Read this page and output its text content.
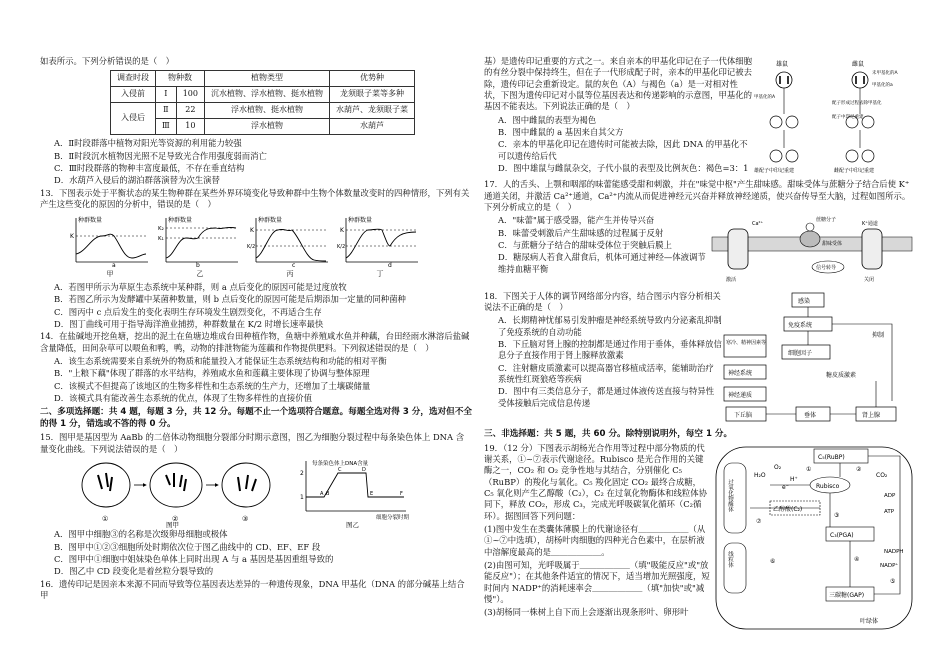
如表所示。下列分析错误的是（　）

调查时段	物种数		植物类型	优势种
入侵前	Ⅰ	100	沉水植物、浮水植物、挺水植物	龙须眼子菜等多种
入侵后	Ⅱ	22	浮水植物、挺水植物	水葫芦、龙须眼子菜
	Ⅲ	10	浮水植物	水葫芦

A．Ⅱ时段群落中植物对阳光等资源的利用能力较强

B．Ⅱ时段沉水植物因光照不足导致光合作用强度弱而消亡

C．Ⅲ时段群落的物种丰富度最低，不存在垂直结构

D．水葫芦入侵后的湖泊群落演替为次生演替

13．下图表示处于平衡状态的某生物种群在某些外界环境变化导致种群中生物个体数量改变时的四种情形，下列有关产生这些变化的原因的分析中，错误的是（　）

K
a
种群数量
甲
K₂
K₁
b
种群数量
乙
K
K/2
c
种群数量
丙
K
K/2
d
种群数量
丁

A．若图甲所示为草原生态系统中某种群，则 a 点后变化的原因可能是过度放牧

B．若图乙所示为发酵罐中某菌种数量，则 b 点后变化的原因可能是后期添加一定量的同种菌种

C．图丙中 c 点后发生的变化表明生存环境发生剧烈变化，不再适合生存

D．图丁曲线可用于指导海洋渔业捕捞，种群数量在 K/2 时增长速率最快

14．在盐碱地开挖鱼塘，挖出的泥土在鱼塘边堆成台田种植作物，鱼塘中养殖咸水鱼并种藕，台田经雨水淋溶后盐碱含量降低，田间杂草可以喂鱼和鸭，鸭，动物的排泄物能为莲藕和作物提供肥料。下列叙述错误的是（　）

A．该生态系统需要来自系统外的物质和能量投入才能保证生态系统结构和功能的相对平衡

B．"上粮下藕"体现了群落的水平结构，养殖咸水鱼和莲藕主要体现了协调与整体原理

C．该模式不但提高了该地区的生物多样性和生态系统的生产力，还增加了土壤碳储量

D．该模式具有能改善生态系统的优点，体现了生物多样性的直接价值

二、多项选择题：共 4 题，每题 3 分，共 12 分。每题不止一个选项符合题意。每题全选对得 3 分，选对但不全的得 1 分，错选或不答的得 0 分。

15．图甲是基因型为 AaBb 的二倍体动物细胞分裂部分时期示意图，图乙为细胞分裂过程中每条染色体上 DNA 含量变化曲线。下列说法错误的是（　）

①	②	③
图甲
每条染色体上DNA含量
2
1
细胞分裂时期
A B
C	D
E	F
图乙

A．图甲中细胞③的名称是次级卵母细胞或极体

B．图甲中①②③细胞所处时期依次位于图乙曲线中的 CD、EF、EF 段

C．图甲中①细胞中姐妹染色单体上同时出现 A 与 a 基因是基因重组导致的

D．图乙中 CD 段变化是着丝粒分裂导致的

16．遗传印记是因亲本来源不同而导致等位基因表达差异的一种遗传现象，DNA 甲基化（DNA 的部分碱基上结合甲

基）是遗传印记重要的方式之一。来自亲本的甲基化印记在子一代体细胞的有丝分裂中保持终生，但在子一代形成配子时，亲本的甲基化印记被去除，遗传印记会重新设定。鼠的灰色（A）与褐色（a）是一对相对性状，下图为遗传印记对小鼠等位基因表达和传递影响的示意图，甲基化的基因不能表达。下列说法正确的是（　）

A．图中雌鼠的表型为褐色

B．图中雌鼠的 a 基因来自其父方

C．亲本的甲基化印记在遗传时可能被去除，因此 DNA 的甲基化不可以遗传给后代

D．图中雄鼠与雌鼠杂交，子代小鼠的表型及比例灰色：褐色=3：1

雄鼠	雌鼠
甲基化的A
未甲基化的A
甲基化的a
配子形成过程去除甲基化
配子中印记重建
雄配子中印记重建	雌配子中印记重建

17．人的舌头、上颚和咽部的味蕾能感受甜和刺激，并在"味觉中枢"产生甜味感。甜味受体与蔗糖分子结合后使 K⁺ 通道关闭，并激活 Ca²⁺通道，Ca²⁺内流从而促进神经元兴奋并释放神经递质，使兴奋传导至大脑，过程如图所示。下列分析成立的是（　）

A．"味蕾"属于感受器，能产生并传导兴奋

B．味蕾受刺激后产生甜味感的过程属于反射

C．与蔗糖分子结合的甜味受体位于突触后膜上

D．糖尿病人若食入甜食后，机体可通过神经—体液调节维持血糖平衡

蔗糖分子
甜味受体
K⁺通道
信号转导
激活	关闭
Ca²⁺

18．下图关于人体的调节网络部分内容，结合图示内容分析相关说法不正确的是（　）

A．长期精神忧郁易引发肿瘤是神经系统导致内分泌紊乱抑制了免疫系统的自动功能

B．下丘脑对肾上腺的控制都是通过作用于垂体，垂体释放信息分子直接作用于肾上腺释放激素

C．注射糖皮质激素可以提高器官移植成活率，能辅助治疗系统性红斑狼疮等疾病

D．图中有三类信息分子，都是通过体液传送直接与特异性受体接触后完成信息传递

感染
免疫系统
寒冷、精神因素等
细胞因子
抑制
神经系统	糖皮质激素
神经递质
下丘脑	垂体	肾上腺

三、非选择题：共 5 题，共 60 分。除特别说明外，每空 1 分。

19．（12 分）下图表示胡杨光合作用等过程中部分物质的代谢关系，①~⑦表示代谢途径。Rubisco 是光合作用的关键酶之一，CO₂ 和 O₂ 竞争性地与其结合，分别催化 C₅（RuBP）的羧化与氧化。C₅ 羧化固定 CO₂ 最终合成糖，C₅ 氧化则产生乙醇酸（C₂），C₂ 在过氧化物酶体和线粒体协同下，释放 CO₂，形成 C₃，完成光呼吸碳氧化循环（C₂循环）。据图回答下列问题：

(1)图中发生在类囊体薄膜上的代谢途径有＿＿＿＿＿＿（从①~⑦中选填），胡杨叶肉细胞的四种光合色素中，在层析液中溶解度最高的是＿＿＿＿＿＿。

(2)由图可知，光呼吸属于＿＿＿＿＿＿（填"吸能反应"或"放能反应"）；在其他条件适宜的情况下，适当增加光照强度，短时间内 NADP⁺的消耗速率会＿＿＿＿＿＿（填"加快"或"减慢"）。

(3)胡杨同一株树上自下而上会逐渐出现条形叶、卵形叶

过氧化物酶体
线粒体
C₅(RuBP)
Rubisco
乙醇酸(C₂)
C₃(PGA)
三碳糖(GAP)
H₂O
O₂
H⁺
e⁻
CO₂
ADP
ATP
NADPH
NADP⁺
叶绿体
①	②
③
④
⑤
⑥
⑦
